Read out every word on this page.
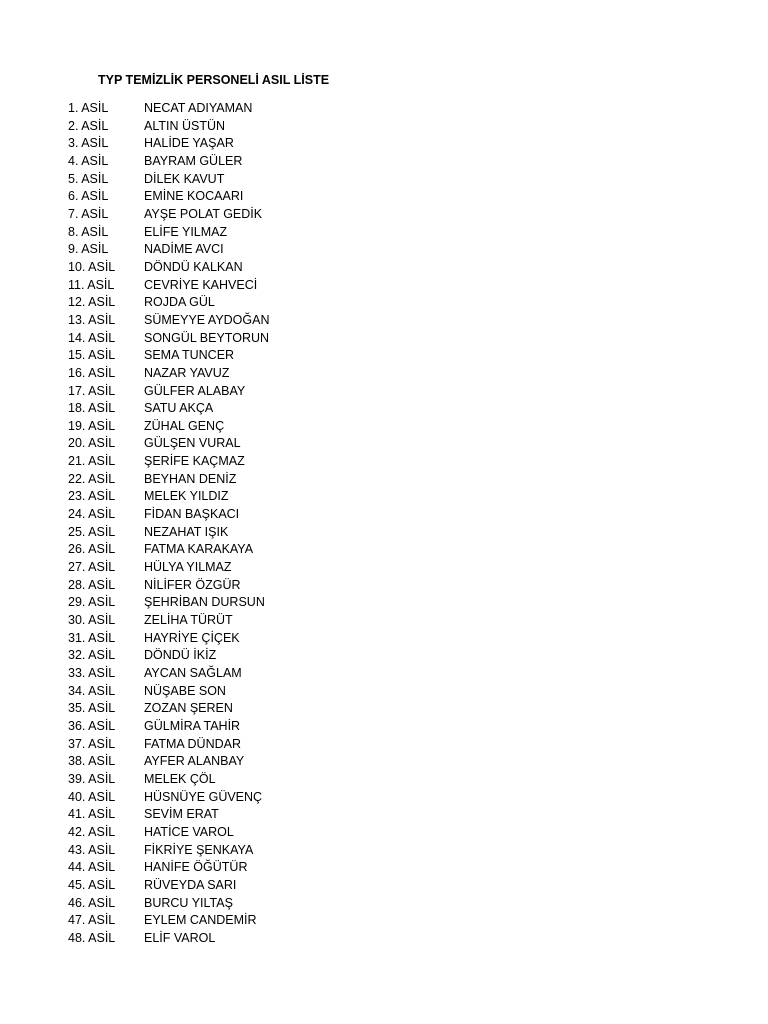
TYP TEMİZLİK PERSONELİ ASIL LİSTE
1. ASİL	NECAT ADIYAMAN
2. ASİL	ALTIN ÜSTÜN
3. ASİL	HALİDE YAŞAR
4. ASİL	BAYRAM GÜLER
5. ASİL	DİLEK KAVUT
6. ASİL	EMİNE KOCAARI
7. ASİL	AYŞE POLAT GEDİK
8. ASİL	ELİFE YILMAZ
9. ASİL	NADİME AVCI
10. ASİL	DÖNDÜ KALKAN
11. ASİL	CEVRİYE KAHVECİ
12. ASİL	ROJDA GÜL
13. ASİL	SÜMEYYE AYDOĞAN
14. ASİL	SONGÜL BEYTORUN
15. ASİL	SEMA TUNCER
16. ASİL	NAZAR YAVUZ
17. ASİL	GÜLFER ALABAY
18. ASİL	SATU AKÇA
19. ASİL	ZÜHAL GENÇ
20. ASİL	GÜLŞEN VURAL
21. ASİL	ŞERİFE KAÇMAZ
22. ASİL	BEYHAN DENİZ
23. ASİL	MELEK YILDIZ
24. ASİL	FİDAN BAŞKACI
25. ASİL	NEZAHAT IŞIK
26. ASİL	FATMA KARAKAYA
27. ASİL	HÜLYA YILMAZ
28. ASİL	NİLİFER ÖZGÜR
29. ASİL	ŞEHRİBAN DURSUN
30. ASİL	ZELİHA TÜRÜT
31. ASİL	HAYRİYE ÇİÇEK
32. ASİL	DÖNDÜ İKİZ
33. ASİL	AYCAN SAĞLAM
34. ASİL	NÜŞABE SON
35. ASİL	ZOZAN ŞEREN
36. ASİL	GÜLMİRA TAHİR
37. ASİL	FATMA DÜNDAR
38. ASİL	AYFER ALANBAY
39. ASİL	MELEK ÇÖL
40. ASİL	HÜSNÜYE GÜVENÇ
41. ASİL	SEVİM ERAT
42. ASİL	HATİCE VAROL
43. ASİL	FİKRİYE ŞENKAYA
44. ASİL	HANİFE ÖĞÜTÜR
45. ASİL	RÜVEYDA SARI
46. ASİL	BURCU YILTAŞ
47. ASİL	EYLEM CANDEMİR
48. ASİL	ELİF VAROL
